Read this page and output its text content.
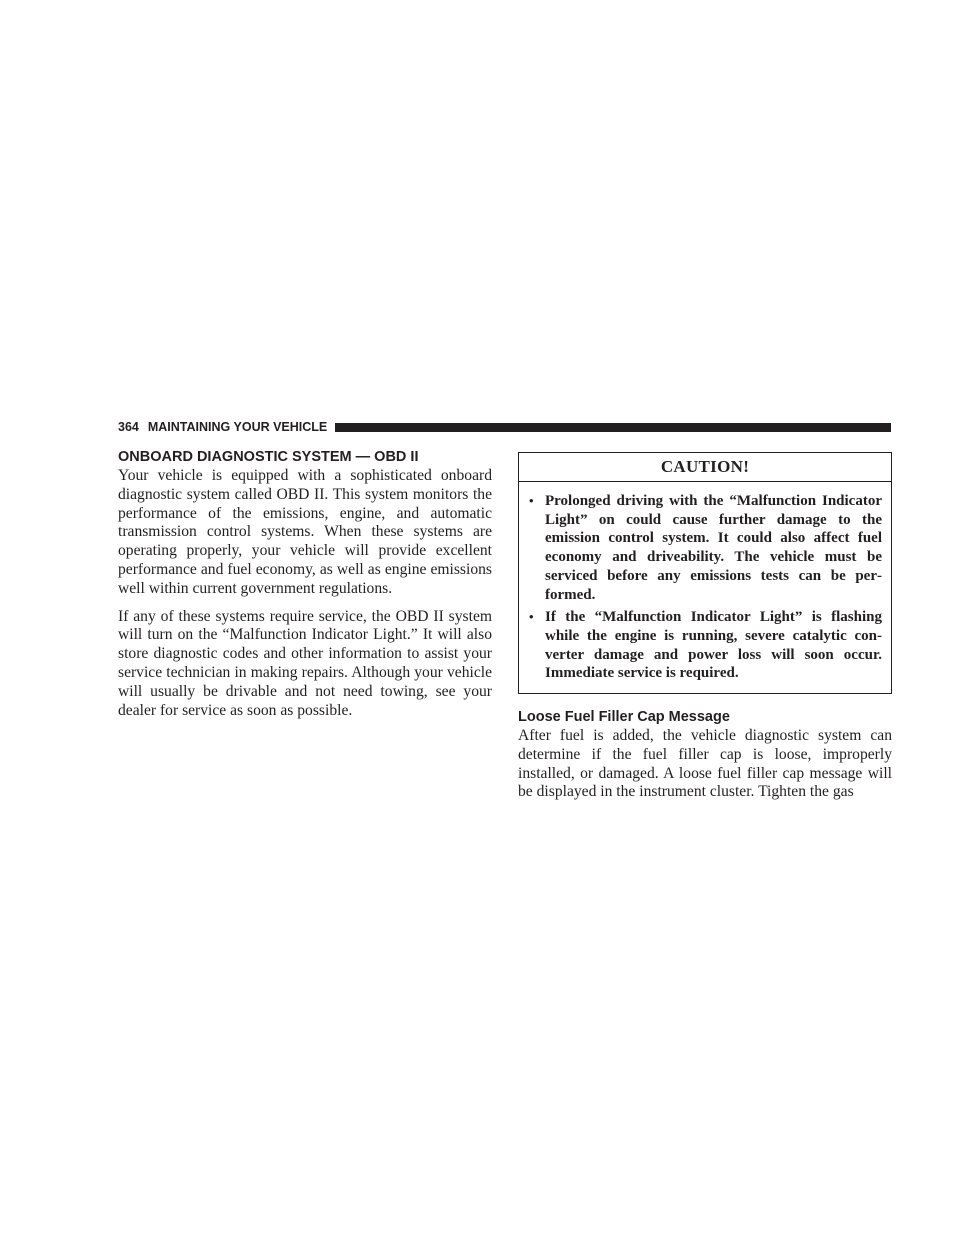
364 MAINTAINING YOUR VEHICLE
ONBOARD DIAGNOSTIC SYSTEM — OBD II

Your vehicle is equipped with a sophisticated onboard diagnostic system called OBD II. This system monitors the performance of the emissions, engine, and automatic transmission control systems. When these systems are operating properly, your vehicle will provide excellent performance and fuel economy, as well as engine emissions well within current government regulations.

If any of these systems require service, the OBD II system will turn on the “Malfunction Indicator Light.” It will also store diagnostic codes and other information to assist your service technician in making repairs. Although your vehicle will usually be drivable and not need towing, see your dealer for service as soon as possible.

CAUTION!
• Prolonged driving with the “Malfunction Indicator Light” on could cause further damage to the emission control system. It could also affect fuel economy and driveability. The vehicle must be serviced before any emissions tests can be performed.
• If the “Malfunction Indicator Light” is flashing while the engine is running, severe catalytic converter damage and power loss will soon occur. Immediate service is required.
Loose Fuel Filler Cap Message

After fuel is added, the vehicle diagnostic system can determine if the fuel filler cap is loose, improperly installed, or damaged. A loose fuel filler cap message will be displayed in the instrument cluster. Tighten the gas
